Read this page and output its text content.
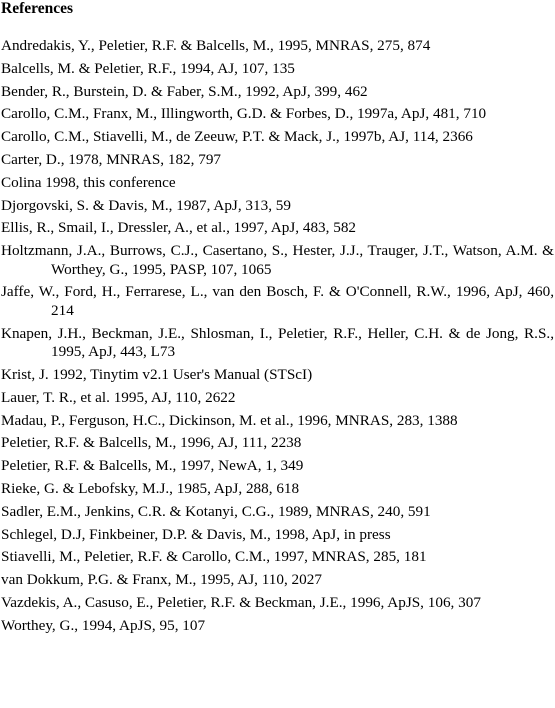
References
Andredakis, Y., Peletier, R.F. & Balcells, M., 1995, MNRAS, 275, 874
Balcells, M. & Peletier, R.F., 1994, AJ, 107, 135
Bender, R., Burstein, D. & Faber, S.M., 1992, ApJ, 399, 462
Carollo, C.M., Franx, M., Illingworth, G.D. & Forbes, D., 1997a, ApJ, 481, 710
Carollo, C.M., Stiavelli, M., de Zeeuw, P.T. & Mack, J., 1997b, AJ, 114, 2366
Carter, D., 1978, MNRAS, 182, 797
Colina 1998, this conference
Djorgovski, S. & Davis, M., 1987, ApJ, 313, 59
Ellis, R., Smail, I., Dressler, A., et al., 1997, ApJ, 483, 582
Holtzmann, J.A., Burrows, C.J., Casertano, S., Hester, J.J., Trauger, J.T., Watson, A.M. & Worthey, G., 1995, PASP, 107, 1065
Jaffe, W., Ford, H., Ferrarese, L., van den Bosch, F. & O'Connell, R.W., 1996, ApJ, 460, 214
Knapen, J.H., Beckman, J.E., Shlosman, I., Peletier, R.F., Heller, C.H. & de Jong, R.S., 1995, ApJ, 443, L73
Krist, J. 1992, Tinytim v2.1 User's Manual (STScI)
Lauer, T. R., et al. 1995, AJ, 110, 2622
Madau, P., Ferguson, H.C., Dickinson, M. et al., 1996, MNRAS, 283, 1388
Peletier, R.F. & Balcells, M., 1996, AJ, 111, 2238
Peletier, R.F. & Balcells, M., 1997, NewA, 1, 349
Rieke, G. & Lebofsky, M.J., 1985, ApJ, 288, 618
Sadler, E.M., Jenkins, C.R. & Kotanyi, C.G., 1989, MNRAS, 240, 591
Schlegel, D.J, Finkbeiner, D.P. & Davis, M., 1998, ApJ, in press
Stiavelli, M., Peletier, R.F. & Carollo, C.M., 1997, MNRAS, 285, 181
van Dokkum, P.G. & Franx, M., 1995, AJ, 110, 2027
Vazdekis, A., Casuso, E., Peletier, R.F. & Beckman, J.E., 1996, ApJS, 106, 307
Worthey, G., 1994, ApJS, 95, 107
